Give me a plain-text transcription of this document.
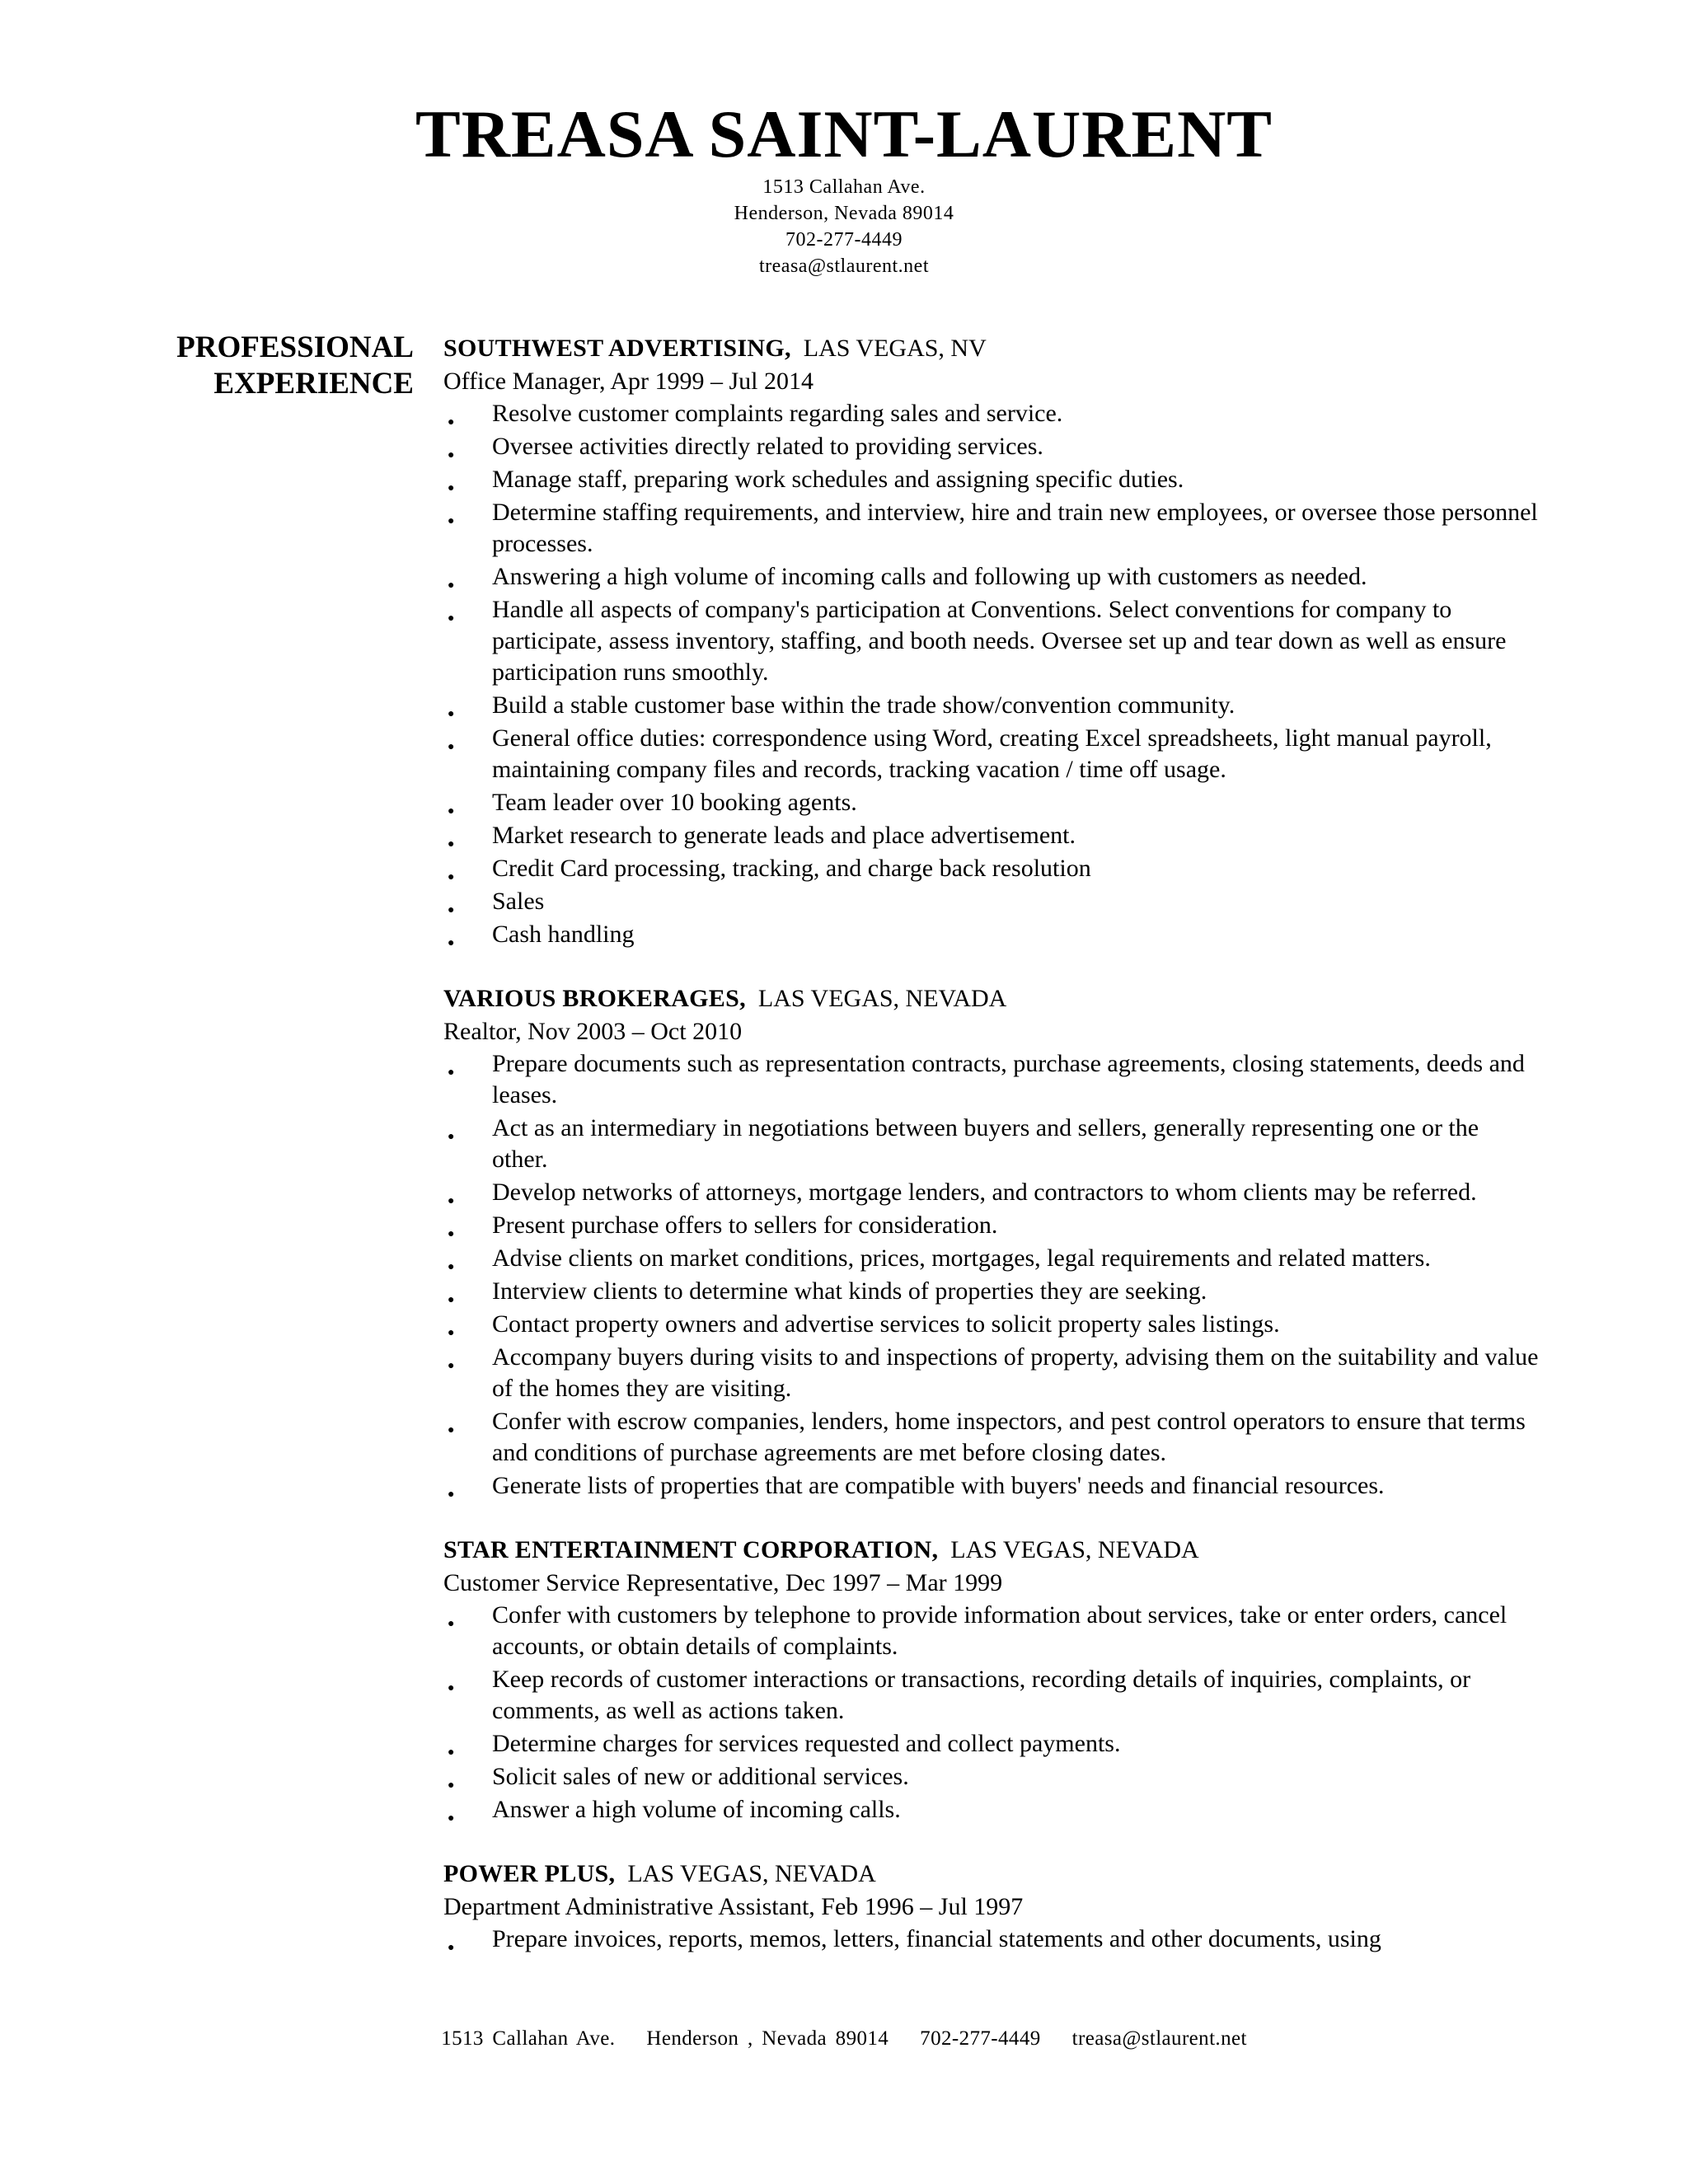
TREASA SAINT-LAURENT
1513 Callahan Ave.
Henderson, Nevada 89014
702-277-4449
treasa@stlaurent.net
PROFESSIONAL
EXPERIENCE
SOUTHWEST ADVERTISING, LAS VEGAS, NV
Office Manager, Apr 1999 – Jul 2014
● Resolve customer complaints regarding sales and service.
● Oversee activities directly related to providing services.
● Manage staff, preparing work schedules and assigning specific duties.
● Determine staffing requirements, and interview, hire and train new employees, or oversee those personnel processes.
● Answering a high volume of incoming calls and following up with customers as needed.
● Handle all aspects of company's participation at Conventions. Select conventions for company to participate, assess inventory, staffing, and booth needs. Oversee set up and tear down as well as ensure participation runs smoothly.
● Build a stable customer base within the trade show/convention community.
● General office duties: correspondence using Word, creating Excel spreadsheets, light manual payroll, maintaining company files and records, tracking vacation / time off usage.
● Team leader over 10 booking agents.
● Market research to generate leads and place advertisement.
● Credit Card processing, tracking, and charge back resolution
● Sales
● Cash handling
VARIOUS BROKERAGES, LAS VEGAS, NEVADA
Realtor, Nov 2003 – Oct 2010
● Prepare documents such as representation contracts, purchase agreements, closing statements, deeds and leases.
● Act as an intermediary in negotiations between buyers and sellers, generally representing one or the other.
● Develop networks of attorneys, mortgage lenders, and contractors to whom clients may be referred.
● Present purchase offers to sellers for consideration.
● Advise clients on market conditions, prices, mortgages, legal requirements and related matters.
● Interview clients to determine what kinds of properties they are seeking.
● Contact property owners and advertise services to solicit property sales listings.
● Accompany buyers during visits to and inspections of property, advising them on the suitability and value of the homes they are visiting.
● Confer with escrow companies, lenders, home inspectors, and pest control operators to ensure that terms and conditions of purchase agreements are met before closing dates.
● Generate lists of properties that are compatible with buyers' needs and financial resources.
STAR ENTERTAINMENT CORPORATION, LAS VEGAS, NEVADA
Customer Service Representative, Dec 1997 – Mar 1999
● Confer with customers by telephone to provide information about services, take or enter orders, cancel accounts, or obtain details of complaints.
● Keep records of customer interactions or transactions, recording details of inquiries, complaints, or comments, as well as actions taken.
● Determine charges for services requested and collect payments.
● Solicit sales of new or additional services.
● Answer a high volume of incoming calls.
POWER PLUS, LAS VEGAS, NEVADA
Department Administrative Assistant, Feb 1996 – Jul 1997
● Prepare invoices, reports, memos, letters, financial statements and other documents, using
1513 Callahan Ave. Henderson , Nevada 89014 702-277-4449 treasa@stlaurent.net
